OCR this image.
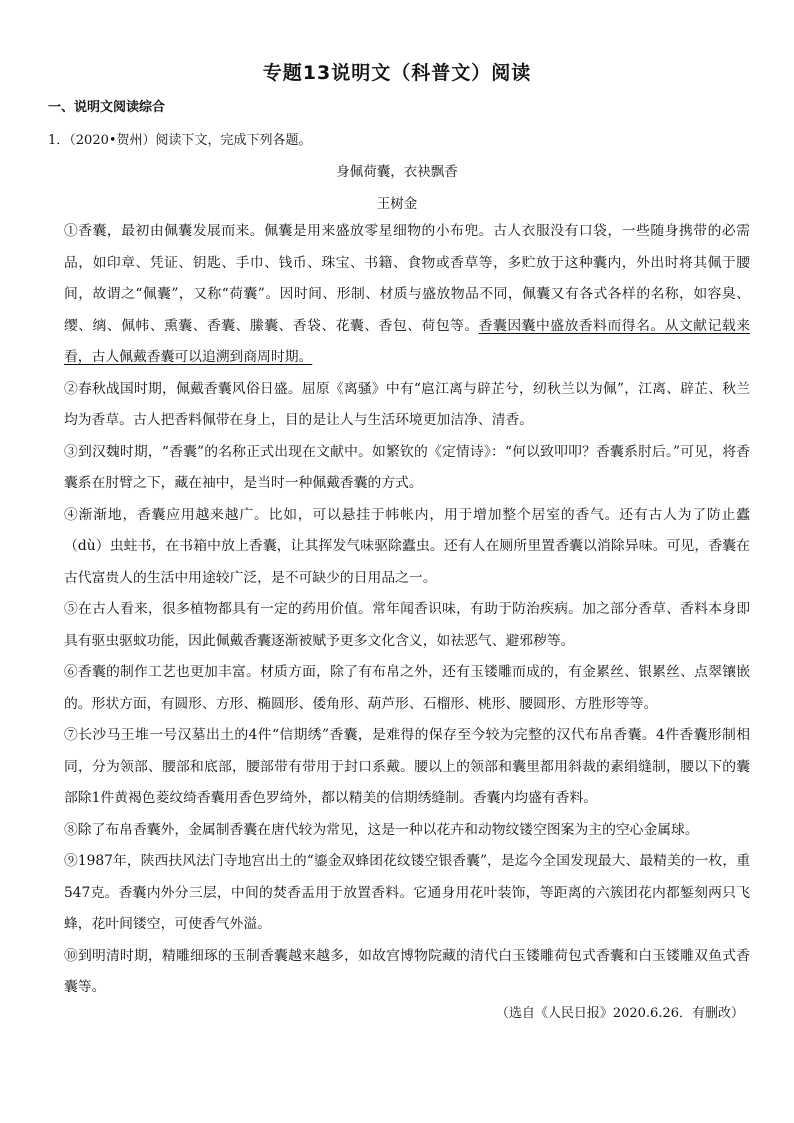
专题13说明文（科普文）阅读
一、说明文阅读综合
1．（2020•贺州）阅读下文，完成下列各题。
身佩荷囊，衣袂飘香
王树金

①香囊，最初由佩囊发展而来。佩囊是用来盛放零星细物的小布兜。古人衣服没有口袋，一些随身携带的必需品，如印章、凭证、钥匙、手巾、钱币、珠宝、书籍、食物或香草等，多贮放于这种囊内，外出时将其佩于腰间，故谓之“佩囊”，又称“荷囊”。因时间、形制、材质与盛放物品不同，佩囊又有各式各样的名称，如容臭、缨、缡、佩帏、熏囊、香囊、縢囊、香袋、花囊、香包、荷包等。香囊因囊中盛放香料而得名。从文献记载来看，古人佩戴香囊可以追溯到商周时期。

②春秋战国时期，佩戴香囊风俗日盛。屈原《离骚》中有“扈江离与辟芷兮，纫秋兰以为佩”，江离、辟芷、秋兰均为香草。古人把香料佩带在身上，目的是让人与生活环境更加洁净、清香。

③到汉魏时期，“香囊”的名称正式出现在文献中。如繁钦的《定情诗》：“何以致叩叩？香囊系肘后。”可见，将香囊系在肘臂之下，藏在袖中，是当时一种佩戴香囊的方式。

④渐渐地，香囊应用越来越广。比如，可以悬挂于帏帐内，用于增加整个居室的香气。还有古人为了防止蠹（dù）虫蛀书，在书箱中放上香囊，让其挥发气味驱除蠹虫。还有人在厕所里置香囊以消除异味。可见，香囊在古代富贵人的生活中用途较广泛，是不可缺少的日用品之一。

⑤在古人看来，很多植物都具有一定的药用价值。常年闻香识味，有助于防治疾病。加之部分香草、香料本身即具有驱虫驱蚊功能，因此佩戴香囊逐渐被赋予更多文化含义，如祛恶气、避邪秽等。

⑥香囊的制作工艺也更加丰富。材质方面，除了有布帛之外，还有玉镂雕而成的，有金累丝、银累丝、点翠镶嵌的。形状方面，有圆形、方形、椭圆形、倭角形、葫芦形、石榴形、桃形、腰圆形、方胜形等等。

⑦长沙马王堆一号汉墓出土的4件“信期绣”香囊，是难得的保存至今较为完整的汉代布帛香囊。4件香囊形制相同，分为领部、腰部和底部，腰部带有带用于封口系戴。腰以上的领部和囊里都用斜裁的素绢缝制，腰以下的囊部除1件黄褐色菱纹绮香囊用香色罗绮外，都以精美的信期绣缝制。香囊内均盛有香料。

⑧除了布帛香囊外，金属制香囊在唐代较为常见，这是一种以花卉和动物纹镂空图案为主的空心金属球。

⑨1987年，陕西扶风法门寺地宫出土的“鎏金双蜂团花纹镂空银香囊”，是迄今全国发现最大、最精美的一枚，重547克。香囊内外分三层，中间的焚香盂用于放置香料。它通身用花叶装饰，等距离的六簇团花内都錾刻两只飞蜂，花叶间镂空，可使香气外溢。

⑩到明清时期，精雕细琢的玉制香囊越来越多，如故宫博物院藏的清代白玉镂雕荷包式香囊和白玉镂雕双鱼式香囊等。

（选自《人民日报》2020.6.26．有删改）
